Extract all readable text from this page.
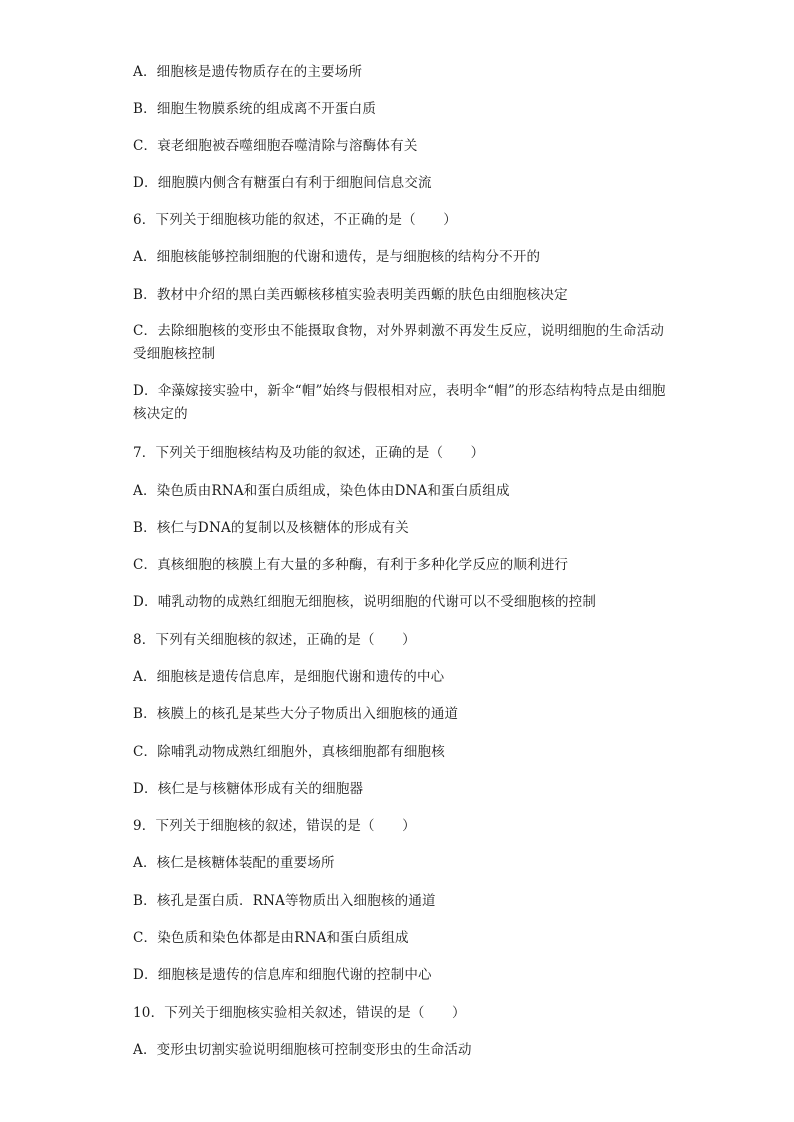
A．细胞核是遗传物质存在的主要场所
B．细胞生物膜系统的组成离不开蛋白质
C．衰老细胞被吞噬细胞吞噬清除与溶酶体有关
D．细胞膜内侧含有糖蛋白有利于细胞间信息交流
6．下列关于细胞核功能的叙述，不正确的是（　　）
A．细胞核能够控制细胞的代谢和遗传，是与细胞核的结构分不开的
B．教材中介绍的黑白美西螈核移植实验表明美西螈的肤色由细胞核决定
C．去除细胞核的变形虫不能摄取食物，对外界刺激不再发生反应，说明细胞的生命活动受细胞核控制
D．伞藻嫁接实验中，新伞“帽”始终与假根相对应，表明伞“帽”的形态结构特点是由细胞核决定的
7．下列关于细胞核结构及功能的叙述，正确的是（　　）
A．染色质由RNA和蛋白质组成，染色体由DNA和蛋白质组成
B．核仁与DNA的复制以及核糖体的形成有关
C．真核细胞的核膜上有大量的多种酶，有利于多种化学反应的顺利进行
D．哺乳动物的成熟红细胞无细胞核，说明细胞的代谢可以不受细胞核的控制
8．下列有关细胞核的叙述，正确的是（　　）
A．细胞核是遗传信息库，是细胞代谢和遗传的中心
B．核膜上的核孔是某些大分子物质出入细胞核的通道
C．除哺乳动物成熟红细胞外，真核细胞都有细胞核
D．核仁是与核糖体形成有关的细胞器
9．下列关于细胞核的叙述，错误的是（　　）
A．核仁是核糖体装配的重要场所
B．核孔是蛋白质．RNA等物质出入细胞核的通道
C．染色质和染色体都是由RNA和蛋白质组成
D．细胞核是遗传的信息库和细胞代谢的控制中心
10．下列关于细胞核实验相关叙述，错误的是（　　）
A．变形虫切割实验说明细胞核可控制变形虫的生命活动
